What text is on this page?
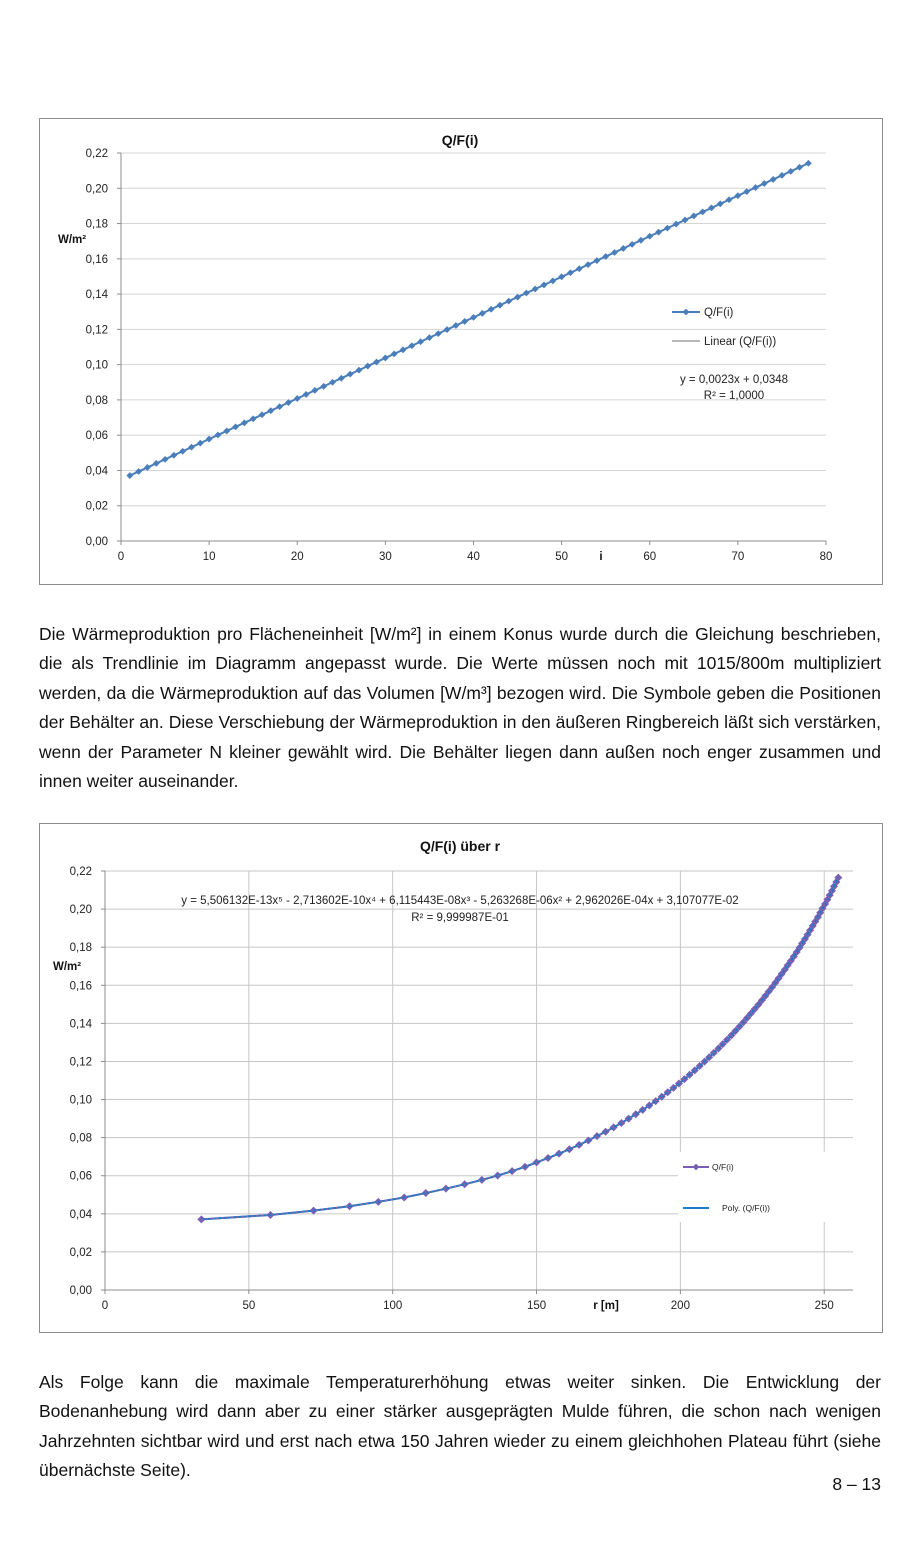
0,00
0,02
0,04
0,06
0,08
0,10
0,12
0,14
0,16
0,18
0,20
0,22
0	10	20	30	40	50	60	70	80
Q/F(i)
W/m²
i
Q/F(i)
Linear (Q/F(i))
y = 0,0023x + 0,0348
R² = 1,0000

Die Wärmeproduktion pro Flächeneinheit [W/m²] in einem Konus wurde durch die Gleichung beschrieben, die als Trendlinie im Diagramm angepasst wurde. Die Werte müssen noch mit 1015/800m multipliziert werden, da die Wärmeproduktion auf das Volumen [W/m³] bezogen wird. Die Symbole geben die Positionen der Behälter an. Diese Verschiebung der Wärmeproduktion in den äußeren Ringbereich läßt sich verstärken, wenn der Parameter N kleiner gewählt wird. Die Behälter liegen dann außen noch enger zusammen und innen weiter auseinander.

0,00
0,02
0,04
0,06
0,08
0,10
0,12
0,14
0,16
0,18
0,20
0,22
0	50	100	150	200	250
Q/F(i) über r
W/m²
r [m]
y = 5,506132E-13x⁵ - 2,713602E-10x⁴ + 6,115443E-08x³ - 5,263268E-06x² + 2,962026E-04x + 3,107077E-02
R² = 9,999987E-01
Q/F(i)
Poly. (Q/F(i))

Als Folge kann die maximale Temperaturerhöhung etwas weiter sinken. Die Entwicklung der Bodenanhebung wird dann aber zu einer stärker ausgeprägten Mulde führen, die schon nach wenigen Jahrzehnten sichtbar wird und erst nach etwa 150 Jahren wieder zu einem gleichhohen Plateau führt (siehe übernächste Seite).

8 – 13
